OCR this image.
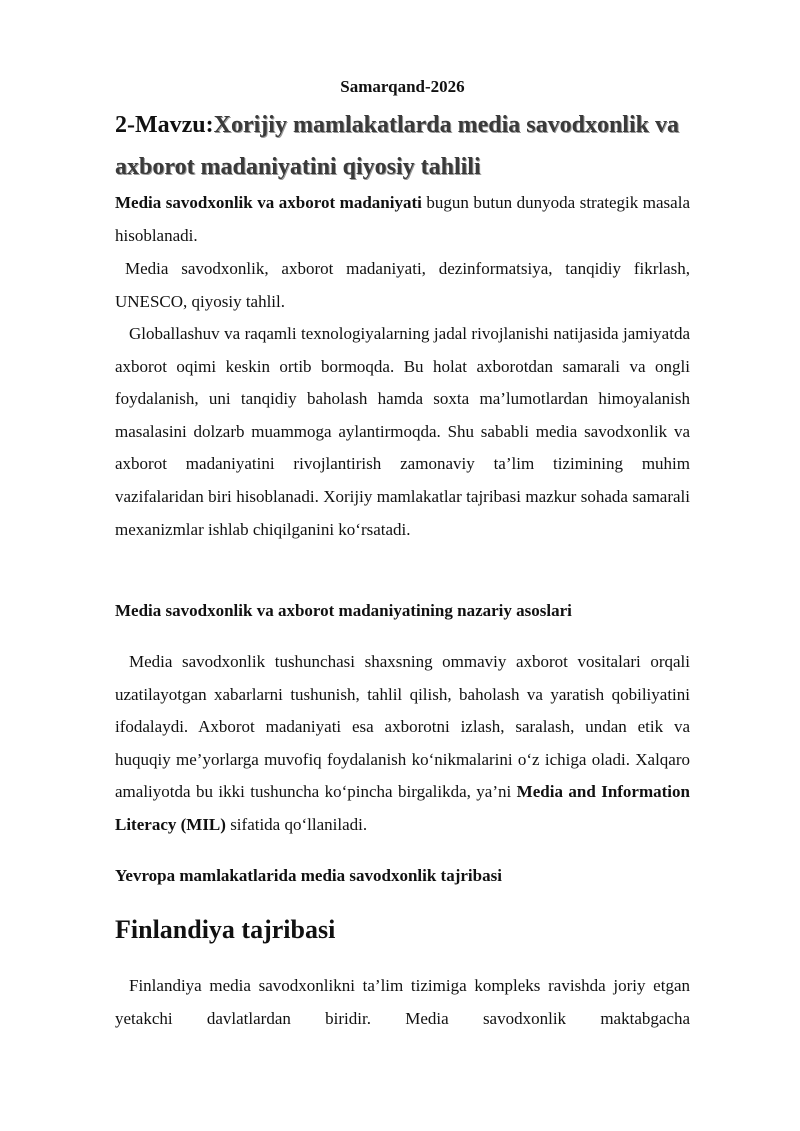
Samarqand-2026
2-Mavzu:Xorijiy mamlakatlarda media savodxonlik va axborot madaniyatini qiyosiy tahlili

Media savodxonlik va axborot madaniyati bugun butun dunyoda strategik masala hisoblanadi.

Media savodxonlik, axborot madaniyati, dezinformatsiya, tanqidiy fikrlash, UNESCO, qiyosiy tahlil.

Globallashuv va raqamli texnologiyalarning jadal rivojlanishi natijasida jamiyatda axborot oqimi keskin ortib bormoqda. Bu holat axborotdan samarali va ongli foydalanish, uni tanqidiy baholash hamda soxta ma’lumotlardan himoyalanish masalasini dolzarb muammoga aylantirmoqda. Shu sababli media savodxonlik va axborot madaniyatini rivojlantirish zamonaviy ta’lim tizimining muhim vazifalaridan biri hisoblanadi. Xorijiy mamlakatlar tajribasi mazkur sohada samarali mexanizmlar ishlab chiqilganini ko‘rsatadi.

Media savodxonlik va axborot madaniyatining nazariy asoslari

Media savodxonlik tushunchasi shaxsning ommaviy axborot vositalari orqali uzatilayotgan xabarlarni tushunish, tahlil qilish, baholash va yaratish qobiliyatini ifodalaydi. Axborot madaniyati esa axborotni izlash, saralash, undan etik va huquqiy me’yorlarga muvofiq foydalanish ko‘nikmalarini o‘z ichiga oladi. Xalqaro amaliyotda bu ikki tushuncha ko‘pincha birgalikda, ya’ni Media and Information Literacy (MIL) sifatida qo‘llaniladi.

Yevropa mamlakatlarida media savodxonlik tajribasi
Finlandiya tajribasi

Finlandiya media savodxonlikni ta’lim tizimiga kompleks ravishda joriy etgan yetakchi davlatlardan biridir. Media savodxonlik maktabgacha
